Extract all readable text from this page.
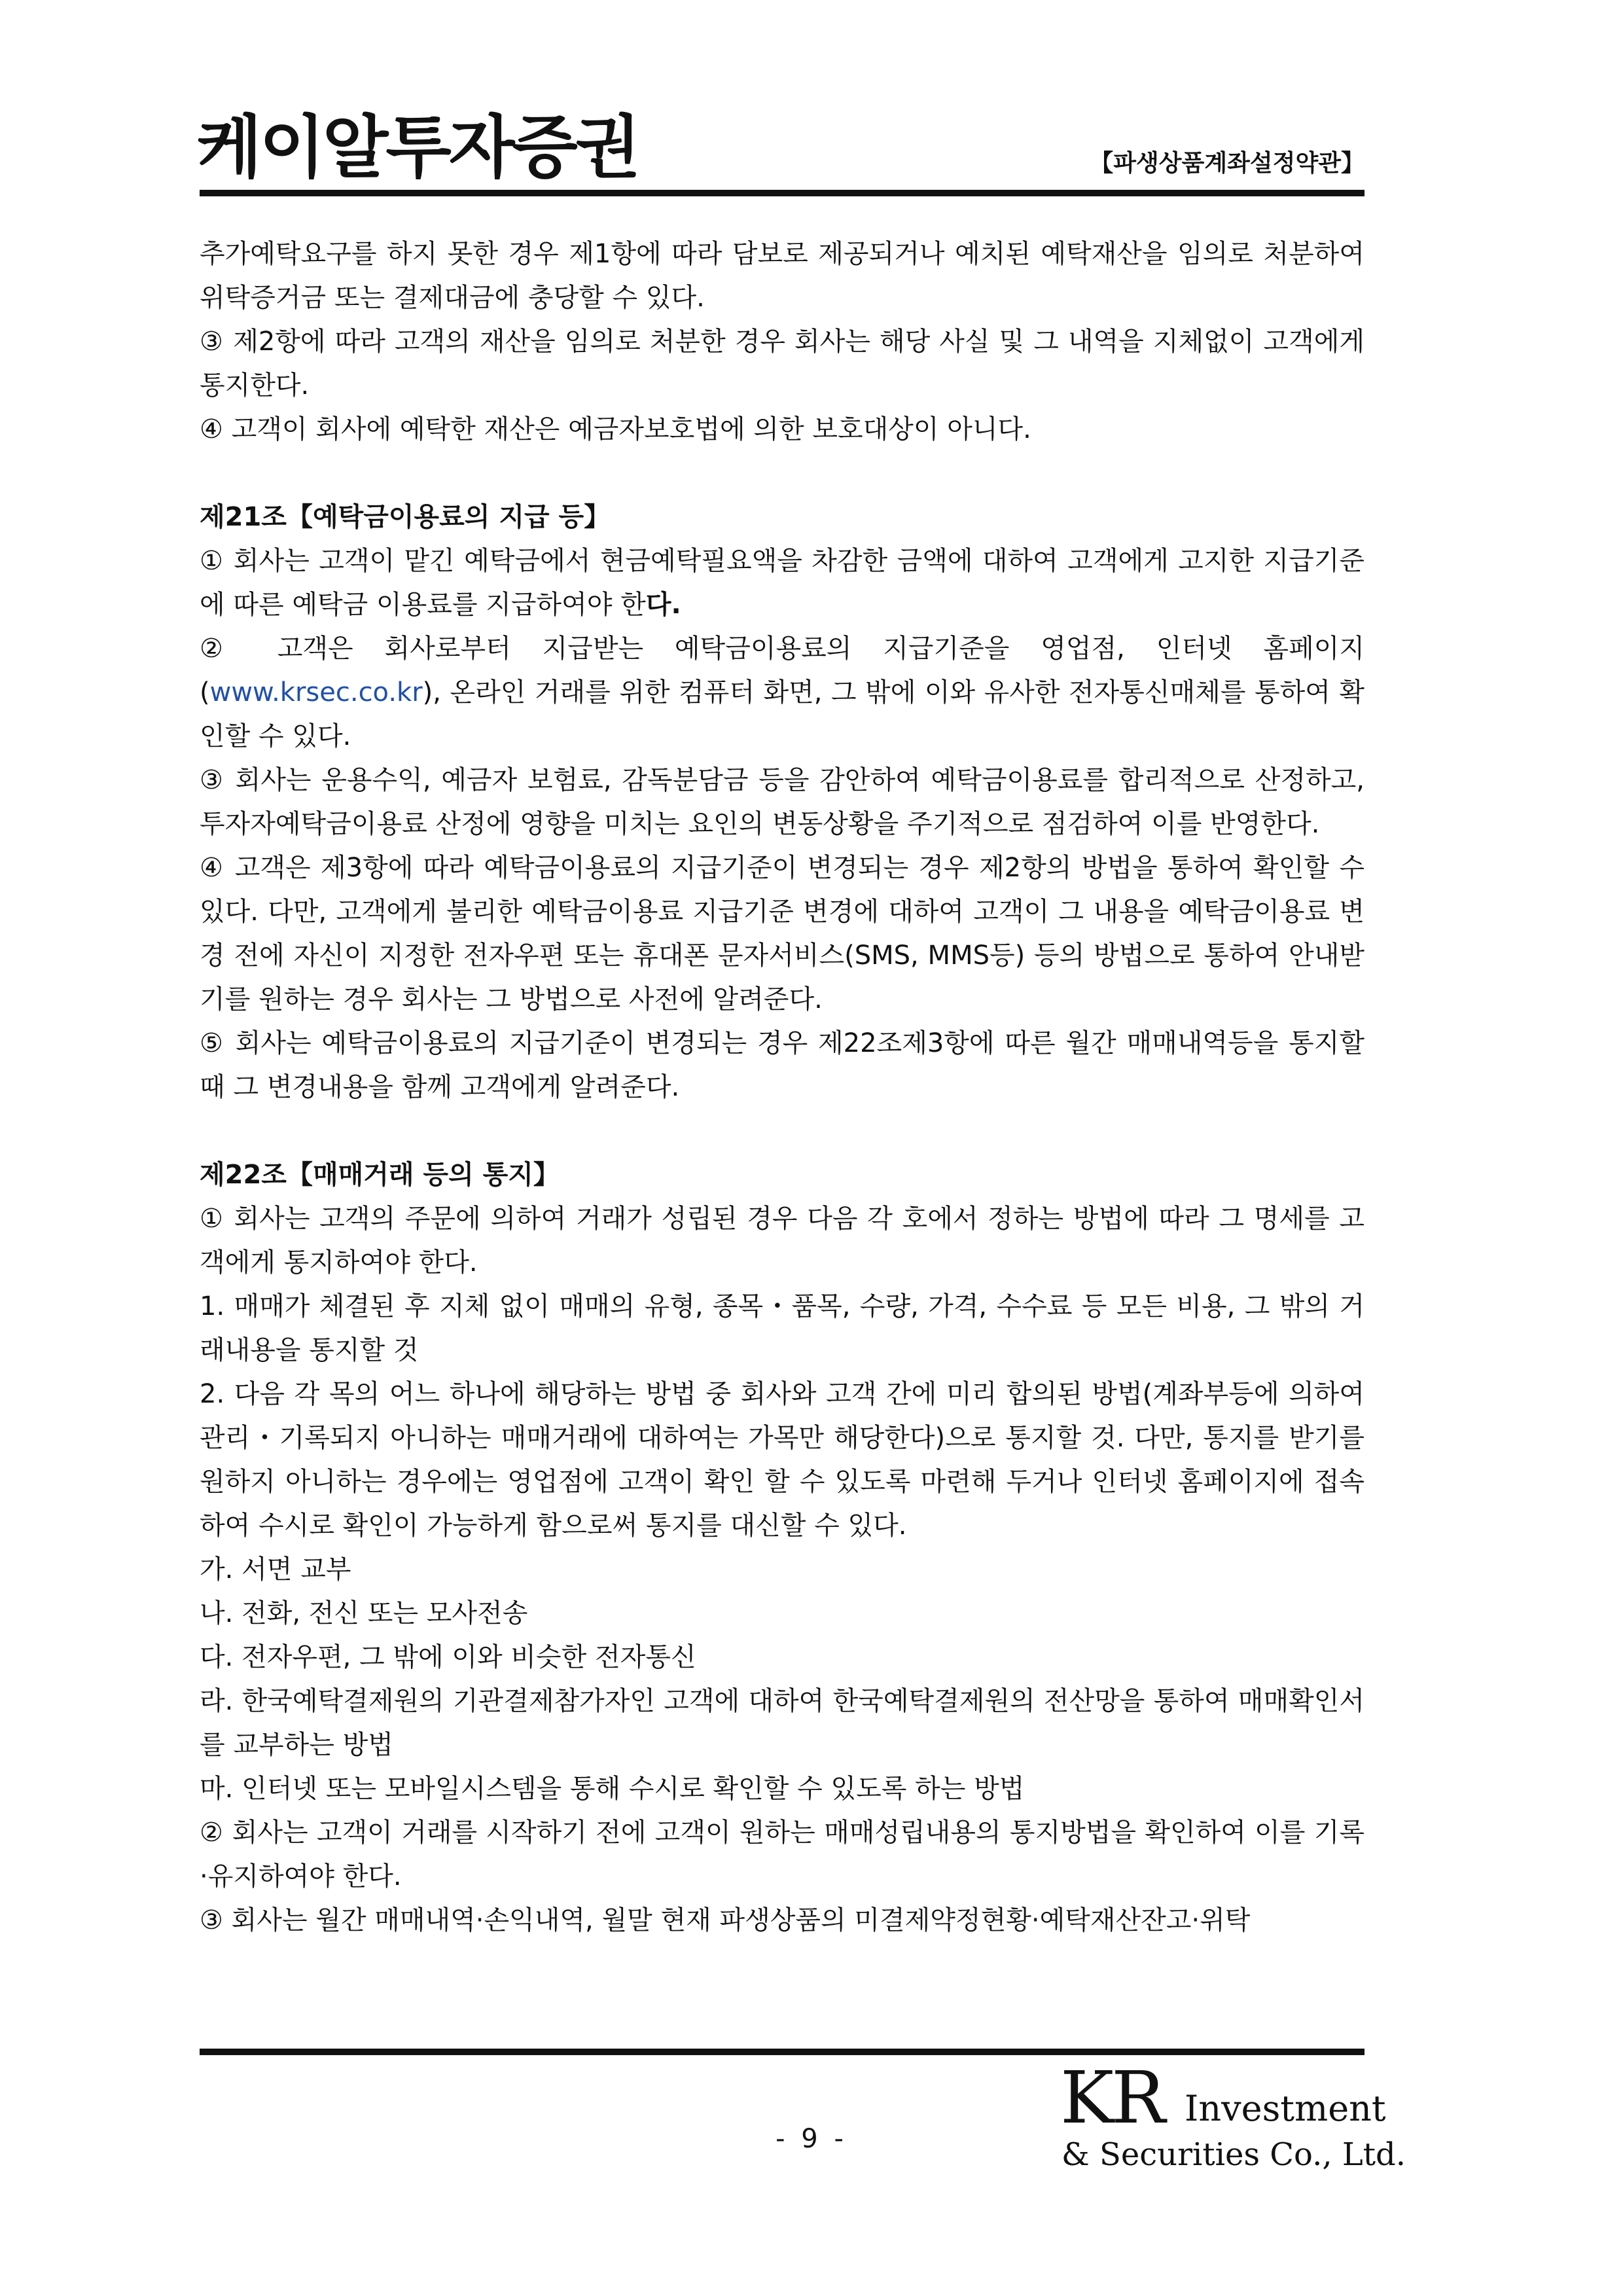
케이알투자증권	【파생상품계좌설정약관】

추가예탁요구를 하지 못한 경우 제1항에 따라 담보로 제공되거나 예치된 예탁재산을 임의로 처분하여 위탁증거금 또는 결제대금에 충당할 수 있다.

③ 제2항에 따라 고객의 재산을 임의로 처분한 경우 회사는 해당 사실 및 그 내역을 지체없이 고객에게 통지한다.

④ 고객이 회사에 예탁한 재산은 예금자보호법에 의한 보호대상이 아니다.

제21조【예탁금이용료의 지급 등】

① 회사는 고객이 맡긴 예탁금에서 현금예탁필요액을 차감한 금액에 대하여 고객에게 고지한 지급기준에 따른 예탁금 이용료를 지급하여야 한다.

② 고객은 회사로부터 지급받는 예탁금이용료의 지급기준을 영업점, 인터넷 홈페이지(www.krsec.co.kr), 온라인 거래를 위한 컴퓨터 화면, 그 밖에 이와 유사한 전자통신매체를 통하여 확인할 수 있다.

③ 회사는 운용수익, 예금자 보험료, 감독분담금 등을 감안하여 예탁금이용료를 합리적으로 산정하고, 투자자예탁금이용료 산정에 영향을 미치는 요인의 변동상황을 주기적으로 점검하여 이를 반영한다.

④ 고객은 제3항에 따라 예탁금이용료의 지급기준이 변경되는 경우 제2항의 방법을 통하여 확인할 수 있다. 다만, 고객에게 불리한 예탁금이용료 지급기준 변경에 대하여 고객이 그 내용을 예탁금이용료 변경 전에 자신이 지정한 전자우편 또는 휴대폰 문자서비스(SMS, MMS등) 등의 방법으로 통하여 안내받기를 원하는 경우 회사는 그 방법으로 사전에 알려준다.

⑤ 회사는 예탁금이용료의 지급기준이 변경되는 경우 제22조제3항에 따른 월간 매매내역등을 통지할 때 그 변경내용을 함께 고객에게 알려준다.

제22조【매매거래 등의 통지】

① 회사는 고객의 주문에 의하여 거래가 성립된 경우 다음 각 호에서 정하는 방법에 따라 그 명세를 고객에게 통지하여야 한다.

1. 매매가 체결된 후 지체 없이 매매의 유형, 종목・품목, 수량, 가격, 수수료 등 모든 비용, 그 밖의 거래내용을 통지할 것

2. 다음 각 목의 어느 하나에 해당하는 방법 중 회사와 고객 간에 미리 합의된 방법(계좌부등에 의하여 관리・기록되지 아니하는 매매거래에 대하여는 가목만 해당한다)으로 통지할 것. 다만, 통지를 받기를 원하지 아니하는 경우에는 영업점에 고객이 확인 할 수 있도록 마련해 두거나 인터넷 홈페이지에 접속하여 수시로 확인이 가능하게 함으로써 통지를 대신할 수 있다.

가. 서면 교부

나. 전화, 전신 또는 모사전송

다. 전자우편, 그 밖에 이와 비슷한 전자통신

라. 한국예탁결제원의 기관결제참가자인 고객에 대하여 한국예탁결제원의 전산망을 통하여 매매확인서를 교부하는 방법

마. 인터넷 또는 모바일시스템을 통해 수시로 확인할 수 있도록 하는 방법

② 회사는 고객이 거래를 시작하기 전에 고객이 원하는 매매성립내용의 통지방법을 확인하여 이를 기록·유지하여야 한다.

③ 회사는 월간 매매내역·손익내역, 월말 현재 파생상품의 미결제약정현황·예탁재산잔고·위탁

- 9 -	KR Investment
& Securities Co., Ltd.
